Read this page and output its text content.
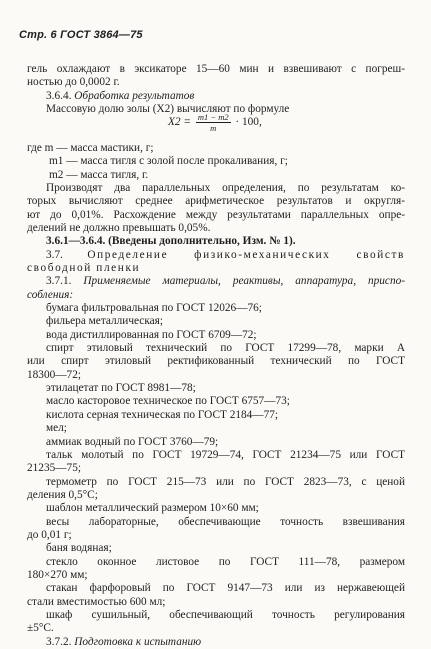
Стр. 6 ГОСТ 3864—75
гель охлаждают в эксикаторе 15—60 мин и взвешивают с погреш-
ностью до 0,0002 г.
3.6.4. Обработка результатов
Массовую долю золы (X2) вычисляют по формуле
$X2 = \frac{m1 - m2}{m} \cdot 100$,
где m — масса мастики, г;
m1 — масса тигля с золой после прокаливания, г;
m2 — масса тигля, г.
Производят два параллельных определения, по результатам ко-
торых вычисляют среднее арифметическое результатов и округля-
ют до 0,01%. Расхождение между результатами параллельных опре-
делений не должно превышать 0,05%.
3.6.1—3.6.4. (Введены дополнительно, Изм. № 1).
3.7. Определение физико-механических свойств
свободной пленки
3.7.1. Применяемые материалы, реактивы, аппаратура, приспо-
собления:
бумага фильтровальная по ГОСТ 12026—76;
фильера металлическая;
вода дистиллированная по ГОСТ 6709—72;
спирт этиловый технический по ГОСТ 17299—78, марки А
или спирт этиловый ректификованный технический по ГОСТ
18300—72;
этилацетат по ГОСТ 8981—78;
масло касторовое техническое по ГОСТ 6757—73;
кислота серная техническая по ГОСТ 2184—77;
мел;
аммиак водный по ГОСТ 3760—79;
тальк молотый по ГОСТ 19729—74, ГОСТ 21234—75 или ГОСТ
21235—75;
термометр по ГОСТ 215—73 или по ГОСТ 2823—73, с ценой
деления 0,5°С;
шаблон металлический размером 10×60 мм;
весы лабораторные, обеспечивающие точность взвешивания
до 0,01 г;
баня водяная;
стекло оконное листовое по ГОСТ 111—78, размером
180×270 мм;
стакан фарфоровый по ГОСТ 9147—73 или из нержавеющей
стали вместимостью 600 мл;
шкаф сушильный, обеспечивающий точность регулирования
±5°С.
3.7.2. Подготовка к испытанию
